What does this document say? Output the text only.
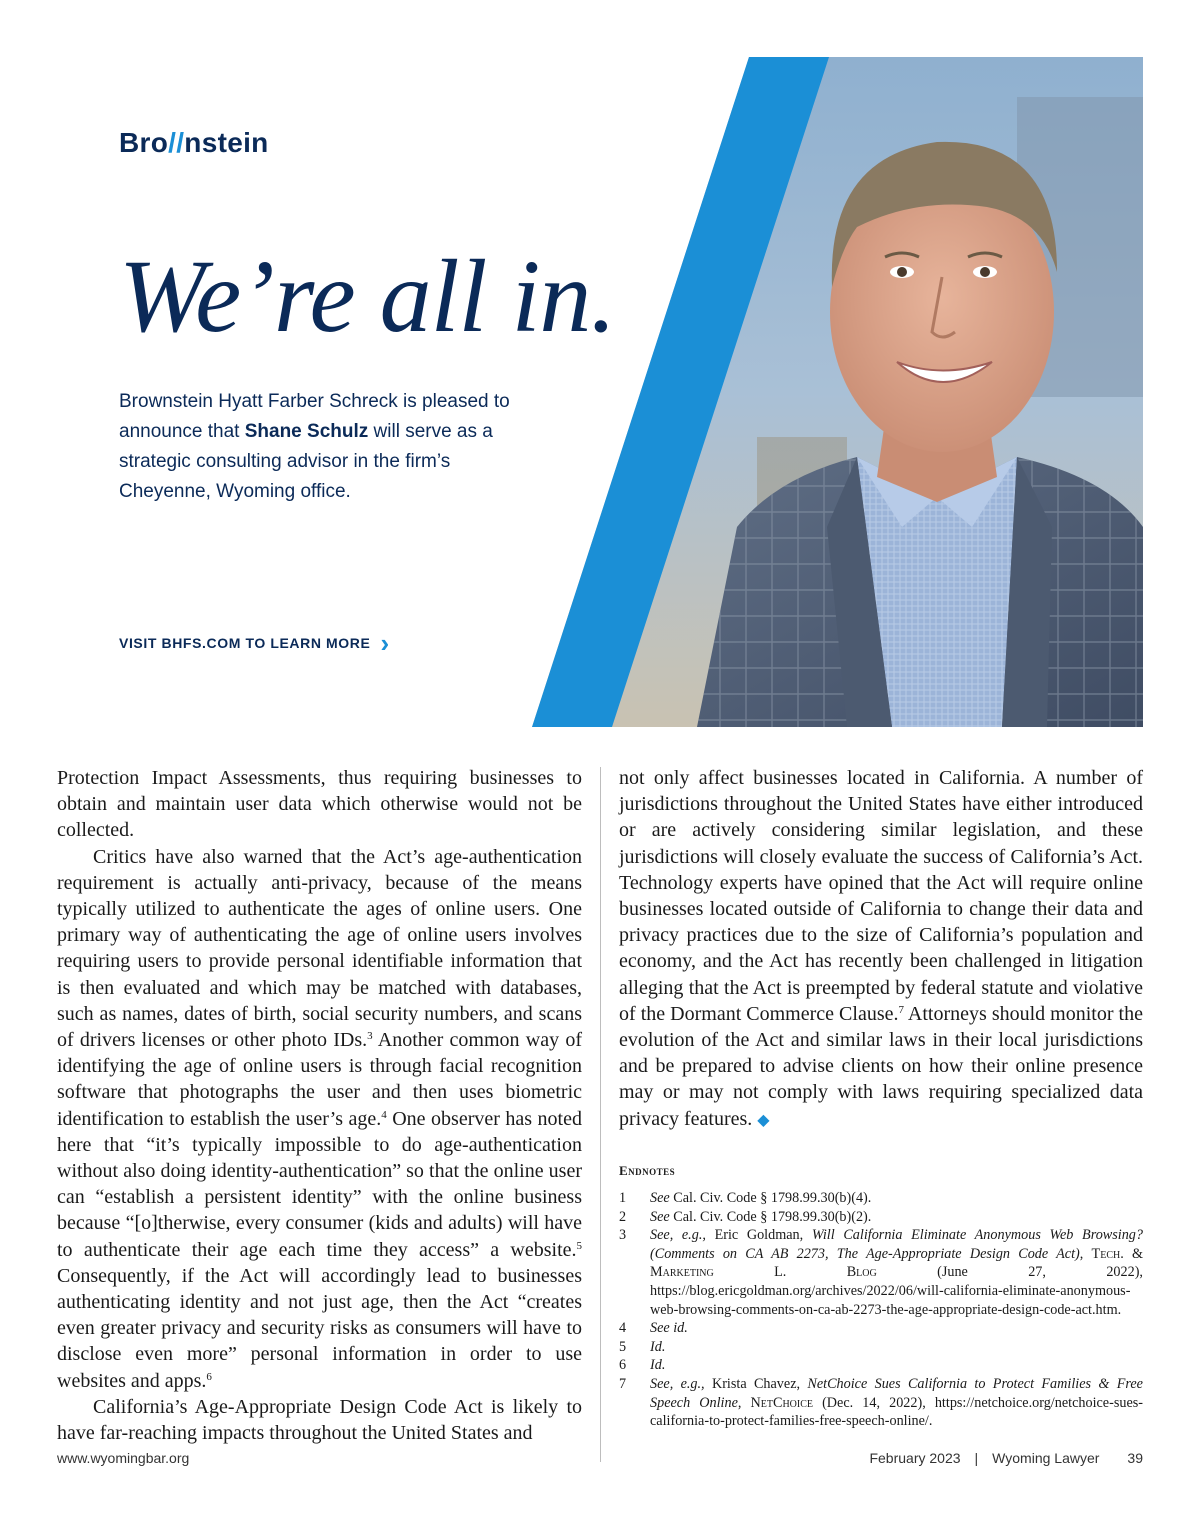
Bro//nstein
We’re all in.
Brownstein Hyatt Farber Schreck is pleased to announce that Shane Schulz will serve as a strategic consulting advisor in the firm’s Cheyenne, Wyoming office.
VISIT BHFS.COM TO LEARN MORE ›

Protection Impact Assessments, thus requiring businesses to obtain and maintain user data which otherwise would not be collected.

Critics have also warned that the Act’s age-authentication requirement is actually anti-privacy, because of the means typically utilized to authenticate the ages of online users. One primary way of authenticating the age of online users involves requiring users to provide personal identifiable information that is then evaluated and which may be matched with databases, such as names, dates of birth, social security numbers, and scans of drivers licenses or other photo IDs.$^3$ Another common way of identifying the age of online users is through facial recognition software that photographs the user and then uses biometric identification to establish the user’s age.$^4$ One observer has noted here that “it’s typically impossible to do age-authentication without also doing identity-authentication” so that the online user can “establish a persistent identity” with the online business because “[o]therwise, every consumer (kids and adults) will have to authenticate their age each time they access” a website.$^5$ Consequently, if the Act will accordingly lead to businesses authenticating identity and not just age, then the Act “creates even greater privacy and security risks as consumers will have to disclose even more” personal information in order to use websites and apps.$^6$

California’s Age-Appropriate Design Code Act is likely to have far-reaching impacts throughout the United States and

not only affect businesses located in California. A number of jurisdictions throughout the United States have either introduced or are actively considering similar legislation, and these jurisdictions will closely evaluate the success of California’s Act. Technology experts have opined that the Act will require online businesses located outside of California to change their data and privacy practices due to the size of California’s population and economy, and the Act has recently been challenged in litigation alleging that the Act is preempted by federal statute and violative of the Dormant Commerce Clause.$^7$ Attorneys should monitor the evolution of the Act and similar laws in their local jurisdictions and be prepared to advise clients on how their online presence may or may not comply with laws requiring specialized data privacy features. ◆

Endnotes
1	See Cal. Civ. Code § 1798.99.30(b)(4).
2	See Cal. Civ. Code § 1798.99.30(b)(2).
3	See, e.g., Eric Goldman, Will California Eliminate Anonymous Web Browsing? (Comments on CA AB 2273, The Age-Appropriate Design Code Act), Tech. & Marketing L. Blog (June 27, 2022), https://blog.ericgoldman.org/archives/2022/06/will-california-eliminate-anonymous-web-browsing-comments-on-ca-ab-2273-the-age-appropriate-design-code-act.htm.
4	See id.
5	Id.
6	Id.
7	See, e.g., Krista Chavez, NetChoice Sues California to Protect Families & Free Speech Online, NetChoice (Dec. 14, 2022), https://netchoice.org/netchoice-sues-california-to-protect-families-free-speech-online/.
www.wyomingbar.org	February 2023 | Wyoming Lawyer 39
